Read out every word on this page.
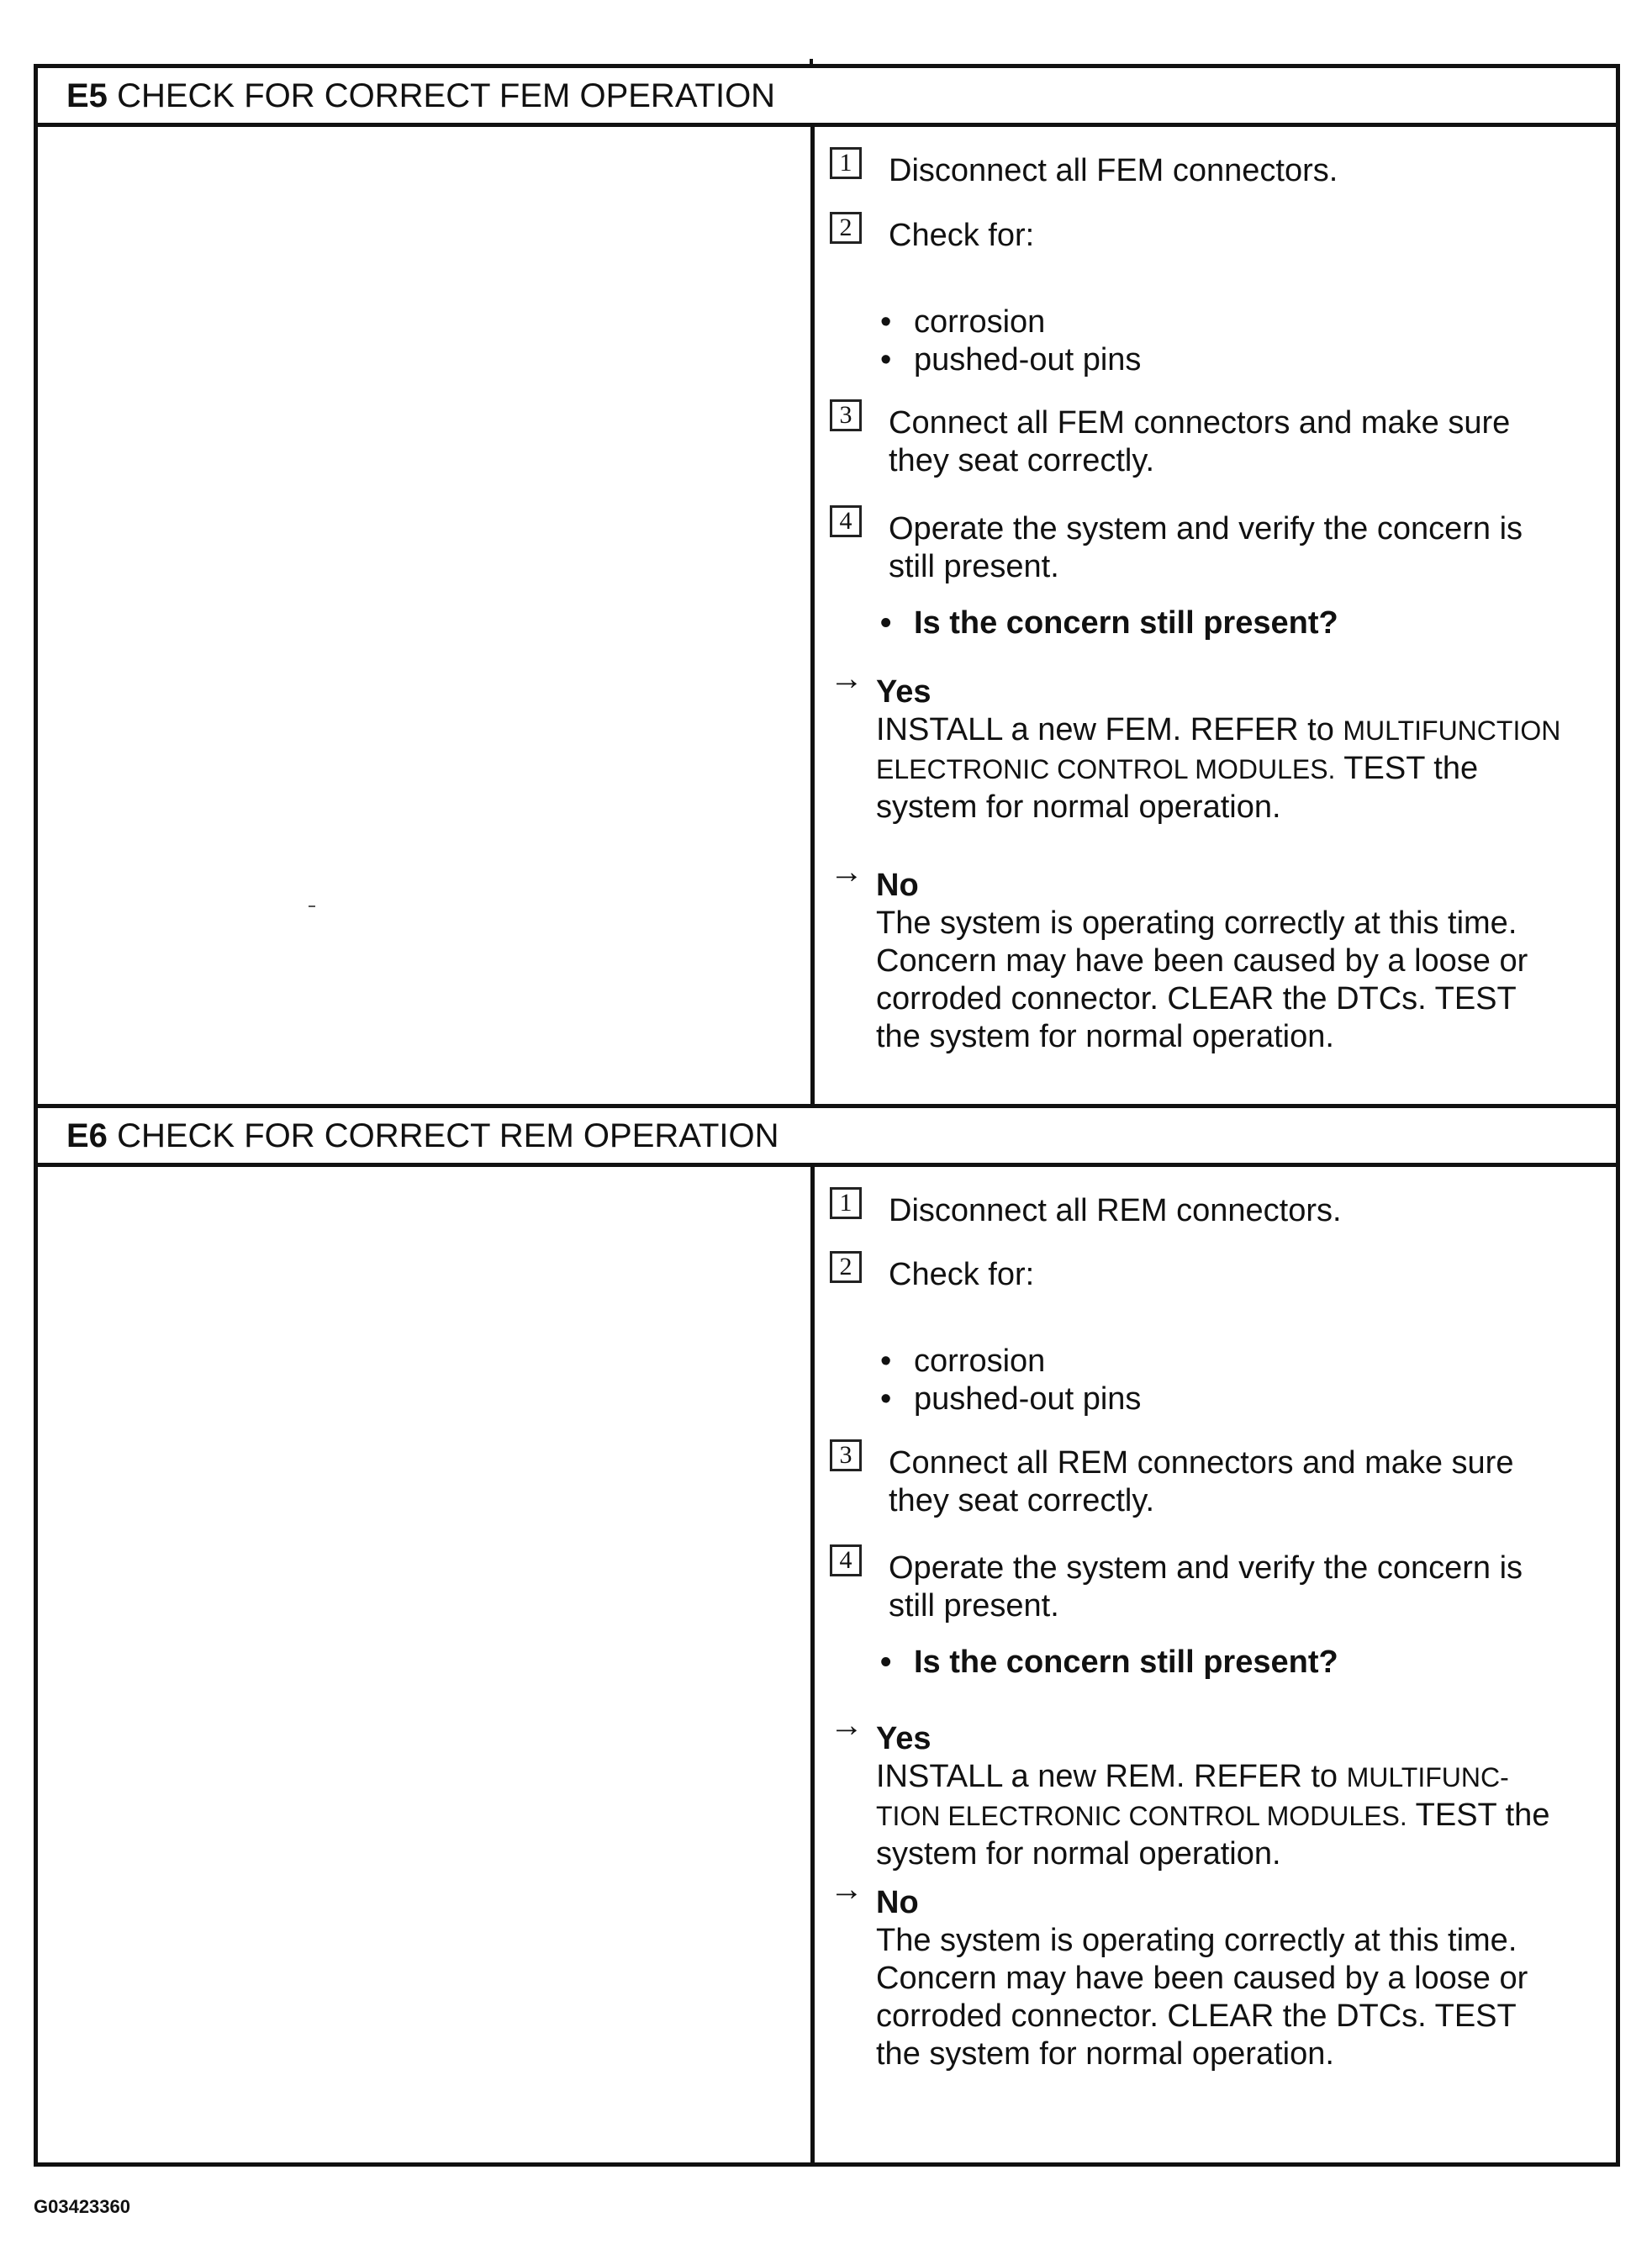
E5 CHECK FOR CORRECT FEM OPERATION
1	Disconnect all FEM connectors.
2	Check for:
• corrosion
• pushed-out pins
3	Connect all FEM connectors and make sure
they seat correctly.
4	Operate the system and verify the concern is
still present.
• Is the concern still present?
→ Yes
INSTALL a new FEM. REFER to MULTIFUNCTION
ELECTRONIC CONTROL MODULES. TEST the
system for normal operation.
→ No
The system is operating correctly at this time.
Concern may have been caused by a loose or
corroded connector. CLEAR the DTCs. TEST
the system for normal operation.
E6 CHECK FOR CORRECT REM OPERATION
1	Disconnect all REM connectors.
2	Check for:
• corrosion
• pushed-out pins
3	Connect all REM connectors and make sure
they seat correctly.
4	Operate the system and verify the concern is
still present.
• Is the concern still present?
→ Yes
INSTALL a new REM. REFER to MULTIFUNC-
TION ELECTRONIC CONTROL MODULES. TEST the
system for normal operation.
→ No
The system is operating correctly at this time.
Concern may have been caused by a loose or
corroded connector. CLEAR the DTCs. TEST
the system for normal operation.
G03423360
